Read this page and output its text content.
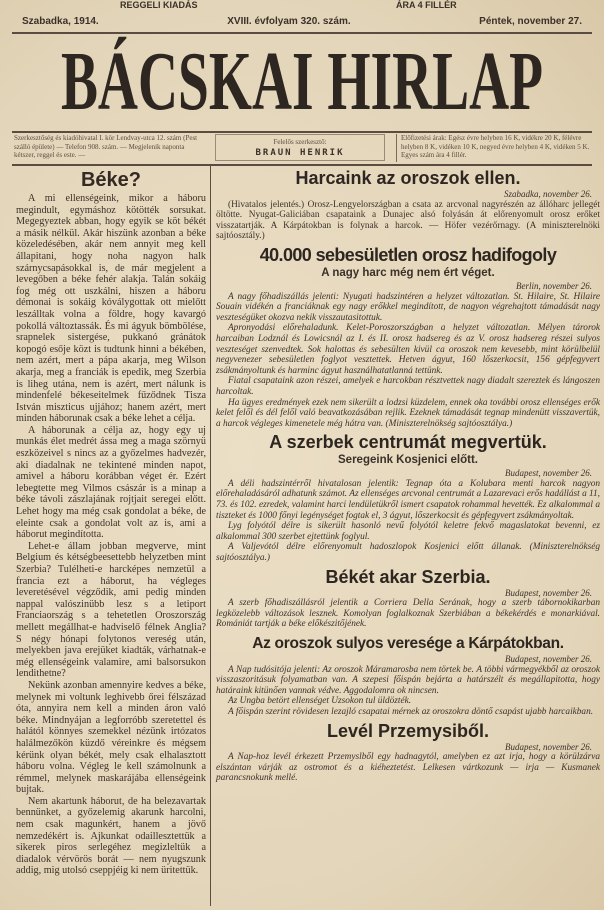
REGGELI KIADÁS	ÁRA 4 FILLÉR
Szabadka, 1914.	XVIII. évfolyam 320. szám.	Péntek, november 27.
BÁCSKAI HIRLAP
Szerkesztőség és kiadóhivatal I. kör Lendvay-utca 12. szám (Pest szálló épülete) — Telefon 908. szám. — Megjelenik naponta kétszer, reggel és este. —
Felelős szerkesztő:
BRAUN HENRIK
Előfizetési árak: Egész évre helyben 16 K, vidékre 20 K, félévre helyben 8 K, vidéken 10 K, negyed évre helyben 4 K, vidéken 5 K. Egyes szám ára 4 fillér.
Béke?

A mi ellenségeink, mikor a háboru megindult, egymáshoz kötötték sorsukat. Megegyeztek abban, hogy egyik se köt békét a másik nélkül. Akár hiszünk azonban a béke közeledésében, akár nem annyit meg kell állapitani, hogy noha nagyon halk szárnycsapásokkal is, de már megjelent a levegőben a béke fehér alakja. Talán sokáig fog még ott uszkálni, hiszen a háboru démonai is sokáig kóválygottak ott mielőtt leszálltak volna a földre, hogy kavargó pokollá változtassák. És mi ágyuk bömbölése, srapnelek sistergése, pukkanó gránátok kopogó esője közt is tudtunk hinni a békében, nem azért, mert a pápa akarja, meg Wilson akarja, meg a franciák is epedik, meg Szerbia is liheg utána, nem is azért, mert nálunk is mindenfelé békeseitelmek fűződnek Tisza István miszticus ujjához; hanem azért, mert minden háborunak csak a béke lehet a célja.

A háborunak a célja az, hogy egy uj munkás élet medrét ássa meg a maga szörnyü eszközeivel s nincs az a győzelmes hadvezér, aki diadalnak ne tekintené minden napot, amivel a háboru korábban véget ér. Ezért lebegtette meg Vilmos császár is a minap a béke távoli zászlajának rojtjait seregei előtt. Lehet hogy ma még csak gondolat a béke, de eleinte csak a gondolat volt az is, ami a háborut megindította.

Lehet-e állam jobban megverve, mint Belgium és kétségbeesettebb helyzetben mint Szerbia? Tulélheti-e harcképes nemzetül a francia ezt a háborut, ha végleges leveretésével végződik, ami pedig minden nappal valószinübb lesz s a letiport Franciaország s a tehetetlen Oroszország mellett megállhat-e hadviselő félnek Anglia? S négy hónapi folytonos vereség után, melyekben java erejüket kiadták, várhatnak-e még ellenségeink valamire, ami balsorsukon lendithetne?

Nekünk azonban amennyire kedves a béke, melynek mi voltunk leghivebb őrei félszázad óta, annyira nem kell a minden áron való béke. Mindnyájan a legforróbb szeretettel és halától könnyes szemekkel nézünk irtózatos halálmezőkön küzdő véreinkre és mégsem kérünk olyan békét, mely csak elhalasztott háboru volna. Végleg le kell számolnunk a rémmel, melynek maskarájába ellenségeink bujtak.

Nem akartunk háborut, de ha belezavartak bennünket, a győzelemig akarunk harcolni, nem csak magunkért, hanem a jövő nemzedékért is. Ajkunkat odaillesztettük a sikerek piros serlegéhez megizleltük a diadalok vérvörös borát — nem nyugszunk addig, mig utolsó cseppjéig ki nem üritettük.

Harcaink az oroszok ellen.
Szabadka, november 26.

(Hivatalos jelentés.) Orosz-Lengyelországban a csata az arcvonal nagyrészén az állóharc jellegét öltötte. Nyugat-Galiciában csapataink a Dunajec alsó folyásán át előrenyomult orosz erőket visszatartják. A Kárpátokban is folynak a harcok. — Höfer vezérőrnagy. (A miniszterelnöki sajtóosztály.)

40.000 sebesületlen orosz hadifogoly
A nagy harc még nem ért véget.
Berlin, november 26.

A nagy főhadiszállás jelenti: Nyugati hadszintéren a helyzet változatlan. St. Hilaire, St. Hilaire Souain vidékén a franciáknak egy nagy erőkkel megindított, de nagyon végrehajtott támadását nagy veszteségüket okozva nekik visszautasitottuk.

Apronyodási előrehaladunk. Kelet-Poroszországban a helyzet változatlan. Mélyen tárorok harcaiban Lodznál és Lowicsnál az I. és II. orosz hadsereg és az V. orosz hadsereg részei sulyos veszteséget szenvedtek. Sok halottas és sebesülten kivül ca oroszok nem kevesebb, mint körülbelül negyvenezer sebesületlen foglyot vesztettek. Hetven ágyut, 160 lőszerkocsit, 156 gépfegyvert zsákmányoltunk és harminc ágyut használhatatlanná tettünk.

Fiatal csapataink azon részei, amelyek e harcokban résztvettek nagy diadalt szereztek és lángoszen harcoltak.

Ha ügyes eredmények ezek nem sikerült a lodzsi küzdelem, ennek oka további orosz ellenséges erők kelet felől és dél felől való beavatkozásában rejlik. Ezeknek támadását tegnap mindenütt visszavertük, a harcok végleges kimenetele még hátra van. (Miniszterelnökség sajtóosztálya.)

A szerbek centrumát megvertük.
Seregeink Kosjenici előtt.
Budapest, november 26.

A déli hadszintérről hivatalosan jelentik: Tegnap óta a Kolubara menti harcok nagyon előrehaladásáról adhatunk számot. Az ellenséges arcvonal centrumát a Lazarevaci erős hadállást a 11, 73. és 102. ezredek, valamint harci lendületükről ismert csapatok rohammal hevették. Ez alkalommal a tiszteket és 1000 főnyi legénységet fogtak el, 3 ágyut, lőszerkocsit és gépfegyvert zsákmányoltak.

Lyg folyótól délre is sikerült hasonló nevű folyótól keletre fekvő magaslatokat bevenni, ez alkalommal 300 szerbet ejtettünk foglyul.

A Valjevótól délre előrenyomult hadoszlopok Kosjenici előtt állanak. (Miniszterelnökség sajtóosztálya.)

Békét akar Szerbia.
Budapest, november 26.

A szerb főhadiszállásról jelentik a Corriera Della Serának, hogy a szerb tábornokikarban legközelebb változások lesznek. Komolyan foglalkoznak Szerbiában a békekérdés e monarkiával. Romániát tartják a béke előkészitőjének.

Az oroszok sulyos veresége a Kárpátokban.
Budapest, november 26.

A Nap tudósitója jelenti: Az oroszok Máramarosba nem törtek be. A többi vármegyékből az oroszok visszaszoritásuk folyamatban van. A szepesi főispán bejárta a határszélt és megállapitotta, hogy határaink kitünően vannak védve. Aggodalomra ok nincsen.

Az Ungba betört ellenséget Uzsokon tul üldözték.

A főispán szerint rövidesen lezajló csapatai mérnek az oroszokra döntő csapást ujabb harcaikban.

Levél Przemysiből.
Budapest, november 26.

A Nap-hoz levél érkezett Przemyslből egy hadnagytól, amelyben ez azt irja, hogy a körülzárva elszántan várják az ostromot és a kiéheztetést. Lelkesen vártkozunk — irja — Kusmanek parancsnokunk mellé.
